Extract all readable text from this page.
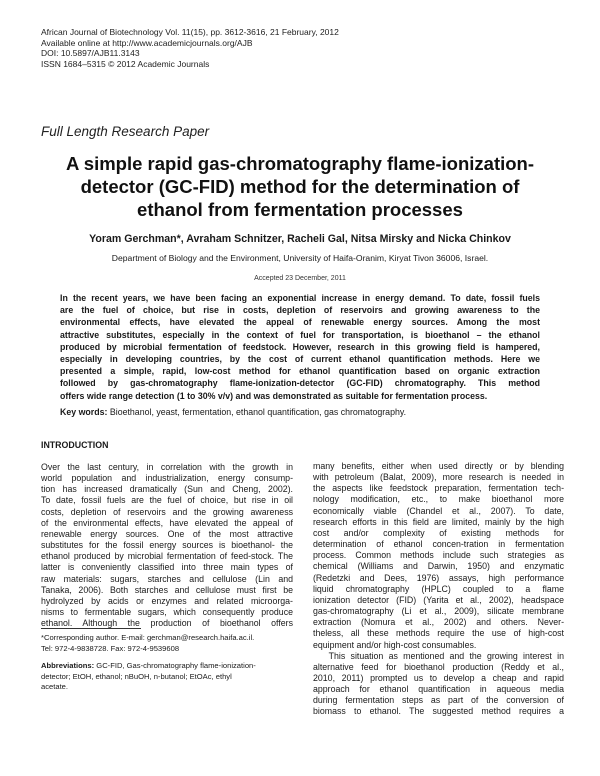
African Journal of Biotechnology Vol. 11(15), pp. 3612-3616, 21 February, 2012
Available online at http://www.academicjournals.org/AJB
DOI: 10.5897/AJB11.3143
ISSN 1684–5315 © 2012 Academic Journals
Full Length Research Paper
A simple rapid gas-chromatography flame-ionization-
detector (GC-FID) method for the determination of
ethanol from fermentation processes
Yoram Gerchman*, Avraham Schnitzer, Racheli Gal, Nitsa Mirsky and Nicka Chinkov
Department of Biology and the Environment, University of Haifa-Oranim, Kiryat Tivon 36006, Israel.
Accepted 23 December, 2011
In the recent years, we have been facing an exponential increase in energy demand. To date, fossil fuels
are the fuel of choice, but rise in costs, depletion of reservoirs and growing awareness to the
environmental effects, have elevated the appeal of renewable energy sources. Among the most
attractive substitutes, especially in the context of fuel for transportation, is bioethanol – the ethanol
produced by microbial fermentation of feedstock. However, research in this growing field is hampered,
especially in developing countries, by the cost of current ethanol quantification methods. Here we
presented a simple, rapid, low-cost method for ethanol quantification based on organic extraction
followed by gas-chromatography flame-ionization-detector (GC-FID) chromatography. This method
offers wide range detection (1 to 30% v/v) and was demonstrated as suitable for fermentation process.
Key words: Bioethanol, yeast, fermentation, ethanol quantification, gas chromatography.
INTRODUCTION
Over the last century, in correlation with the growth in
world population and industrialization, energy consump-
tion has increased dramatically (Sun and Cheng, 2002).
To date, fossil fuels are the fuel of choice, but rise in oil
costs, depletion of reservoirs and the growing awareness
of the environmental effects, have elevated the appeal of
renewable energy sources. One of the most attractive
substitutes for the fossil energy sources is bioethanol- the
ethanol produced by microbial fermentation of feed-stock. The
latter is conveniently classified into three main types of
raw materials: sugars, starches and cellulose (Lin and
Tanaka, 2006). Both starches and cellulose must first be
hydrolyzed by acids or enzymes and related microorga-
nisms to fermentable sugars, which consequently produce
ethanol. Although the production of bioethanol offers
many benefits, either when used directly or by blending
with petroleum (Balat, 2009), more research is needed in
the aspects like feedstock preparation, fermentation tech-
nology modification, etc., to make bioethanol more
economically viable (Chandel et al., 2007). To date,
research efforts in this field are limited, mainly by the high
cost and/or complexity of existing methods for
determination of ethanol concen-tration in fermentation
process. Common methods include such strategies as
chemical (Williams and Darwin, 1950) and enzymatic
(Redetzki and Dees, 1976) assays, high performance
liquid chromatography (HPLC) coupled to a flame
ionization detector (FID) (Yarita et al., 2002), headspace
gas-chromatography (Li et al., 2009), silicate membrane
extraction (Nomura et al., 2002) and others. Never-
theless, all these methods require the use of high-cost
equipment and/or high-cost consumables.
This situation as mentioned and the growing interest in
alternative feed for bioethanol production (Reddy et al.,
2010, 2011) prompted us to develop a cheap and rapid
approach for ethanol quantification in aqueous media
during fermentation steps as part of the conversion of
biomass to ethanol. The suggested method requires a
*Corresponding author. E-mail: gerchman@research.haifa.ac.il.
Tel: 972-4-9838728. Fax: 972-4-9539608
Abbreviations: GC-FID, Gas-chromatography flame-ionization-
detector; EtOH, ethanol; nBuOH, n-butanol; EtOAc, ethyl
acetate.
